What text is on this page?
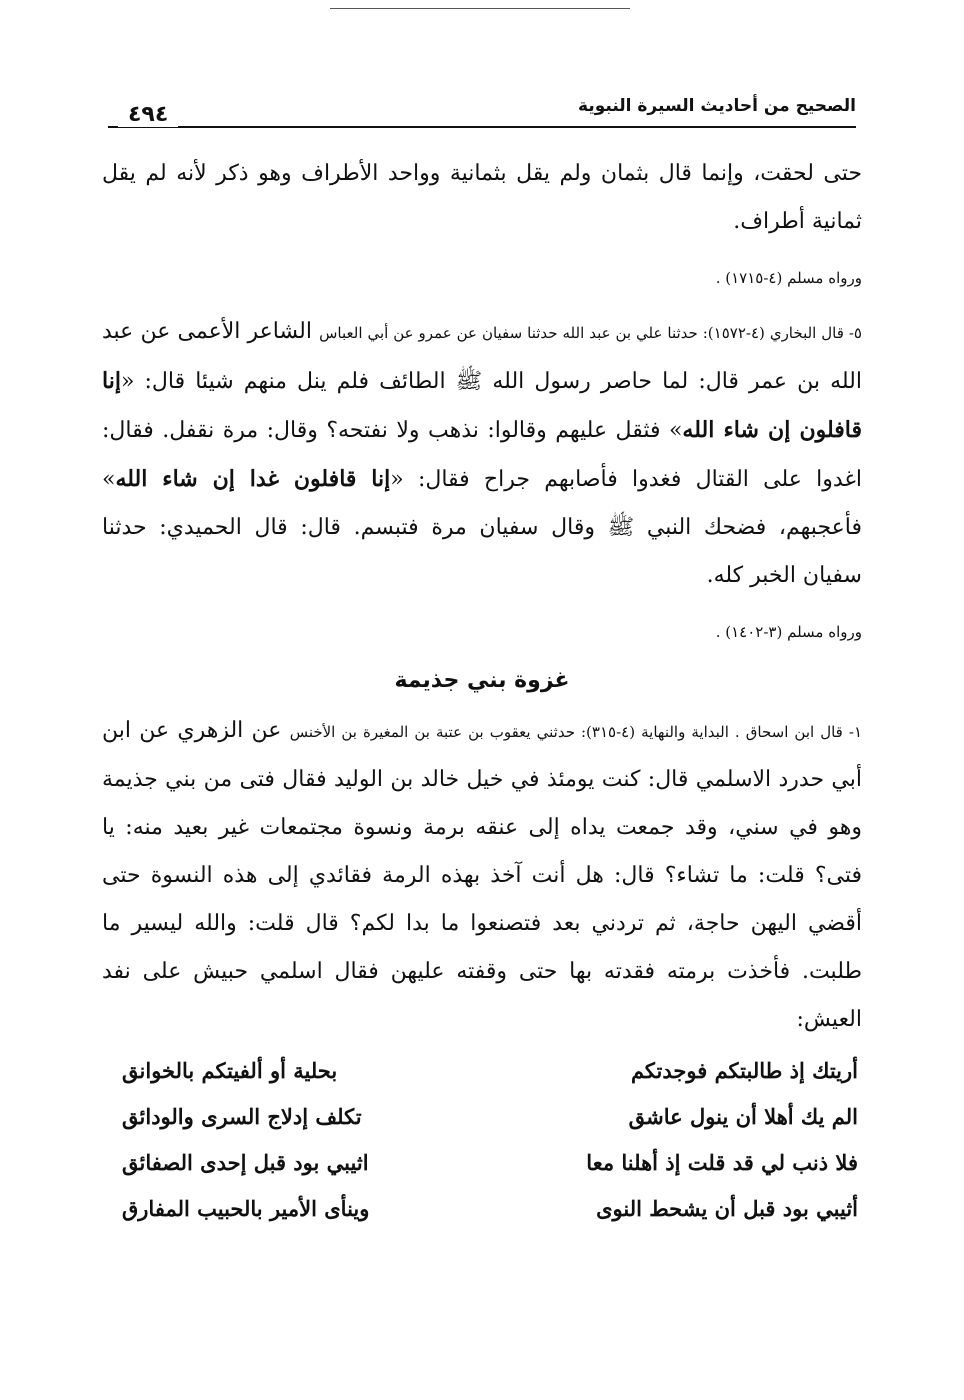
الصحيح من أحاديث السيرة النبوية
٤٩٤

حتى لحقت، وإنما قال بثمان ولم يقل بثمانية وواحد الأطراف وهو ذكر لأنه لم يقل ثمانية أطراف.

ورواه مسلم (٤-١٧١٥) .

٥- قال البخاري (٤-١٥٧٢): حدثنا علي بن عبد الله حدثنا سفيان عن عمرو عن أبي العباس الشاعر الأعمى عن عبد الله بن عمر قال: لما حاصر رسول الله ﷺ الطائف فلم ينل منهم شيئا قال: «إنا قافلون إن شاء الله» فثقل عليهم وقالوا: نذهب ولا نفتحه؟ وقال: مرة نقفل. فقال: اغدوا على القتال فغدوا فأصابهم جراح فقال: «إنا قافلون غدا إن شاء الله» فأعجبهم، فضحك النبي ﷺ وقال سفيان مرة فتبسم. قال: قال الحميدي: حدثنا سفيان الخبر كله.

ورواه مسلم (٣-١٤٠٢) .

غزوة بني جذيمة

١- قال ابن اسحاق . البداية والنهاية (٤-٣١٥): حدثني يعقوب بن عتبة بن المغيرة بن الأخنس عن الزهري عن ابن أبي حدرد الاسلمي قال: كنت يومئذ في خيل خالد بن الوليد فقال فتى من بني جذيمة وهو في سني، وقد جمعت يداه إلى عنقه برمة ونسوة مجتمعات غير بعيد منه: يا فتى؟ قلت: ما تشاء؟ قال: هل أنت آخذ بهذه الرمة فقائدي إلى هذه النسوة حتى أقضي اليهن حاجة، ثم تردني بعد فتصنعوا ما بدا لكم؟ قال قلت: والله ليسير ما طلبت. فأخذت برمته فقدته بها حتى وقفته عليهن فقال اسلمي حبيش على نفد العيش:

أريتك إذ طالبتكم فوجدتكم
بحلية أو ألفيتكم بالخوانق
الم يك أهلا أن ينول عاشق
تكلف إدلاج السرى والودائق
فلا ذنب لي قد قلت إذ أهلنا معا
اثيبي بود قبل إحدى الصفائق
أثيبي بود قبل أن يشحط النوى
وينأى الأمير بالحبيب المفارق
